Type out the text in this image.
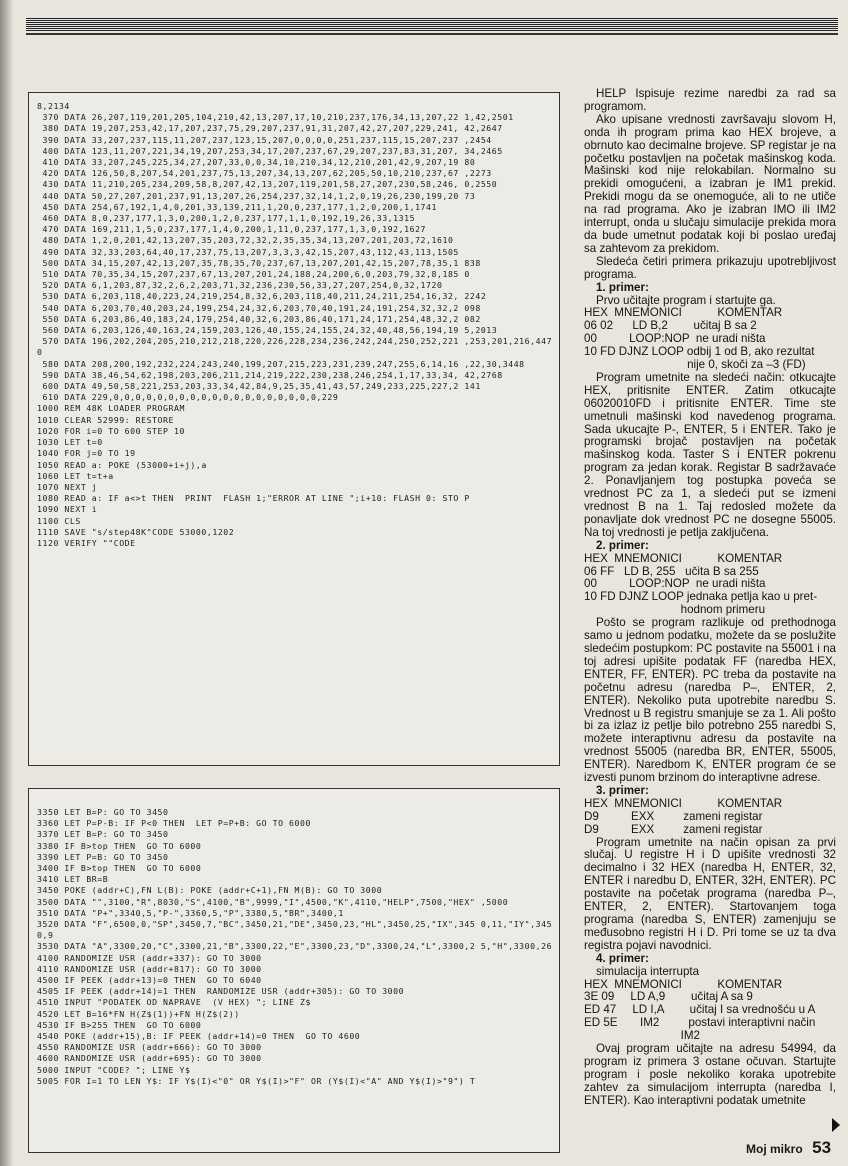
8,2134
370 DATA 26,207,119,201,205,104,210,42,13,207,17,10,210,237,176,34,13,207,22 1,42,2501
380 DATA 19,207,253,42,17,207,237,75,29,207,237,91,31,207,42,27,207,229,241, 42,2647
390 DATA 33,207,237,115,11,207,237,123,15,207,0,0,0,0,251,237,115,15,207,237 ,2454
400 DATA 123,11,207,221,34,19,207,253,34,17,207,237,67,29,207,237,83,31,207, 34,2465
410 DATA 33,207,245,225,34,27,207,33,0,0,34,10,210,34,12,210,201,42,9,207,19 80
420 DATA 126,50,8,207,54,201,237,75,13,207,34,13,207,62,205,50,10,210,237,67 ,2273
430 DATA 11,210,205,234,209,58,8,207,42,13,207,119,201,58,27,207,230,58,246, 0,2550
440 DATA 50,27,207,201,237,91,13,207,26,254,237,32,14,1,2,0,19,26,230,199,20 73
450 DATA 254,67,192,1,4,0,201,33,139,211,1,20,0,237,177,1,2,0,200,1,1741
460 DATA 8,0,237,177,1,3,0,200,1,2,0,237,177,1,1,0,192,19,26,33,1315
470 DATA 169,211,1,5,0,237,177,1,4,0,200,1,11,0,237,177,1,3,0,192,1627
480 DATA 1,2,0,201,42,13,207,35,203,72,32,2,35,35,34,13,207,201,203,72,1610
490 DATA 32,33,203,64,40,17,237,75,13,207,3,3,3,42,15,207,43,112,43,113,1505
500 DATA 34,15,207,42,13,207,35,78,35,70,237,67,13,207,201,42,15,207,78,35,1 838
510 DATA 70,35,34,15,207,237,67,13,207,201,24,188,24,200,6,0,203,79,32,8,185 0
520 DATA 6,1,203,87,32,2,6,2,203,71,32,236,230,56,33,27,207,254,0,32,1720
530 DATA 6,203,118,40,223,24,219,254,8,32,6,203,118,40,211,24,211,254,16,32, 2242
540 DATA 6,203,70,40,203,24,199,254,24,32,6,203,70,40,191,24,191,254,32,32,2 098
550 DATA 6,203,86,40,183,24,179,254,40,32,6,203,86,40,171,24,171,254,48,32,2 082
560 DATA 6,203,126,40,163,24,159,203,126,40,155,24,155,24,32,40,48,56,194,19 5,2013
570 DATA 196,202,204,205,210,212,218,220,226,228,234,236,242,244,250,252,221 ,253,201,216,4470
580 DATA 208,200,192,232,224,243,240,199,207,215,223,231,239,247,255,6,14,16 ,22,30,3448
590 DATA 38,46,54,62,198,203,206,211,214,219,222,230,238,246,254,1,17,33,34, 42,2768
600 DATA 49,50,58,221,253,203,33,34,42,84,9,25,35,41,43,57,249,233,225,227,2 141
610 DATA 229,0,0,0,0,0,0,0,0,0,0,0,0,0,0,0,0,0,0,0,229
1000 REM 48K LOADER PROGRAM
1010 CLEAR 52999: RESTORE
1020 FOR i=0 TO 600 STEP 10
1030 LET t=0
1040 FOR j=0 TO 19
1050 READ a: POKE (53000+i+j),a
1060 LET t=t+a
1070 NEXT j
1080 READ a: IF a<>t THEN  PRINT  FLASH 1;"ERROR AT LINE ";i+10: FLASH 0: STO P
1090 NEXT i
1100 CLS
1110 SAVE "s/step48K"CODE 53000,1202
1120 VERIFY ""CODE
3350 LET B=P: GO TO 3450
3360 LET P=P-B: IF P<0 THEN  LET P=P+B: GO TO 6000
3370 LET B=P: GO TO 3450
3380 IF B>top THEN  GO TO 6000
3390 LET P=B: GO TO 3450
3400 IF B>top THEN  GO TO 6000
3410 LET BR=B
3450 POKE (addr+C),FN L(B): POKE (addr+C+1),FN M(B): GO TO 3000
3500 DATA "",3100,"R",8030,"S",4100,"B",9999,"I",4500,"K",4110,"HELP",7500,"HEX" ,5000
3510 DATA "P+",3340,5,"P-",3360,5,"P",3380,5,"BR",3400,1
3520 DATA "F",6500,0,"SP",3450,7,"BC",3450,21,"DE",3450,23,"HL",3450,25,"IX",345 0,11,"IY",3450,9
3530 DATA "A",3300,20,"C",3300,21,"B",3300,22,"E",3300,23,"D",3300,24,"L",3300,2 5,"H",3300,26
4100 RANDOMIZE USR (addr+337): GO TO 3000
4110 RANDOMIZE USR (addr+817): GO TO 3000
4500 IF PEEK (addr+13)=0 THEN  GO TO 6040
4505 IF PEEK (addr+14)=1 THEN  RANDOMIZE USR (addr+305): GO TO 3000
4510 INPUT "PODATEK OD NAPRAVE  (V HEX) "; LINE Z$
4520 LET B=16*FN H(Z$(1))+FN H(Z$(2))
4530 IF B>255 THEN  GO TO 6000
4540 POKE (addr+15),B: IF PEEK (addr+14)=0 THEN  GO TO 4600
4550 RANDOMIZE USR (addr+666): GO TO 3000
4600 RANDOMIZE USR (addr+695): GO TO 3000
5000 INPUT "CODE? "; LINE Y$
5005 FOR I=1 TO LEN Y$: IF Y$(I)<"0" OR Y$(I)>"F" OR (Y$(I)<"A" AND Y$(I)>"9") T

HELP Ispisuje rezime naredbi za rad sa programom.

Ako upisane vrednosti završavaju slovom H, onda ih program prima kao HEX brojeve, a obrnuto kao decimalne brojeve. SP registar je na početku postavljen na početak mašinskog koda. Mašinski kod nije relokabilan. Normalno su prekidi omogućeni, a izabran je IM1 prekid. Prekidi mogu da se onemoguće, ali to ne utiče na rad programa. Ako je izabran IMO ili IM2 interrupt, onda u slučaju simulacije prekida mora da bude umetnut podatak koji bi poslao uređaj sa zahtevom za prekidom.

Sledeća četiri primera prikazuju upotrebljivost programa.

1. primer:

Prvo učitajte program i startujte ga.

HEX  MNEMONICI           KOMENTAR
06 02      LD B,2        učitaj B sa 2
00          LOOP:NOP  ne uradi ništa
10 FD DJNZ LOOP odbij 1 od B, ako rezultat
nije 0, skoči za –3 (FD)

Program umetnite na sledeći način: otkucajte HEX, pritisnite ENTER. Zatim otkucajte 06020010FD i pritisnite ENTER. Time ste umetnuli mašinski kod navedenog programa. Sada ukucajte P-, ENTER, 5 i ENTER. Tako je programski brojač postavljen na početak mašinskog koda. Taster S i ENTER pokrenu program za jedan korak. Registar B sadržavaće 2. Ponavljanjem tog postupka poveća se vrednost PC za 1, a sledeći put se izmeni vrednost B na 1. Taj redosled možete da ponavljate dok vrednost PC ne dosegne 55005. Na toj vrednosti je petlja zaključena.

2. primer:

HEX  MNEMONICI           KOMENTAR
06 FF   LD B, 255   učita B sa 255
00          LOOP:NOP  ne uradi ništa
10 FD DJNZ LOOP jednaka petlja kao u pret-
hodnom primeru

Pošto se program razlikuje od prethodnoga samo u jednom podatku, možete da se poslužite sledećim postupkom: PC postavite na 55001 i na toj adresi upišite podatak FF (naredba HEX, ENTER, FF, ENTER). PC treba da postavite na početnu adresu (naredba P–, ENTER, 2, ENTER). Nekoliko puta upotrebite naredbu S. Vrednost u B registru smanjuje se za 1. Ali pošto bi za izlaz iz petlje bilo potrebno 255 naredbi S, možete interaptivnu adresu da postavite na vrednost 55005 (naredba BR, ENTER, 55005, ENTER). Naredbom K, ENTER program će se izvesti punom brzinom do interaptivne adrese.

3. primer:

HEX  MNEMONICI           KOMENTAR
D9          EXX         zameni registar
D9          EXX         zameni registar

Program umetnite na način opisan za prvi slučaj. U registre H i D upišite vrednosti 32 decimalno i 32 HEX (naredba H, ENTER, 32, ENTER i naredbu D, ENTER, 32H, ENTER). PC postavite na početak programa (naredba P–, ENTER, 2, ENTER). Startovanjem toga programa (naredba S, ENTER) zamenjuju se međusobno registri H i D. Pri tome se uz ta dva registra pojavi navodnici.

4. primer:

simulacija interrupta

HEX  MNEMONICI           KOMENTAR
3E 09     LD A,9        učitaj A sa 9
ED 47     LD I,A        učitaj I sa vrednošću u A
ED 5E       IM2         postavi interaptivni način
IM2

Ovaj program učitajte na adresu 54994, da program iz primera 3 ostane očuvan. Startujte program i posle nekoliko koraka upotrebite zahtev za simulacijom interrupta (naredba I, ENTER). Kao interaptivni podatak umetnite

Moj mikro 53
